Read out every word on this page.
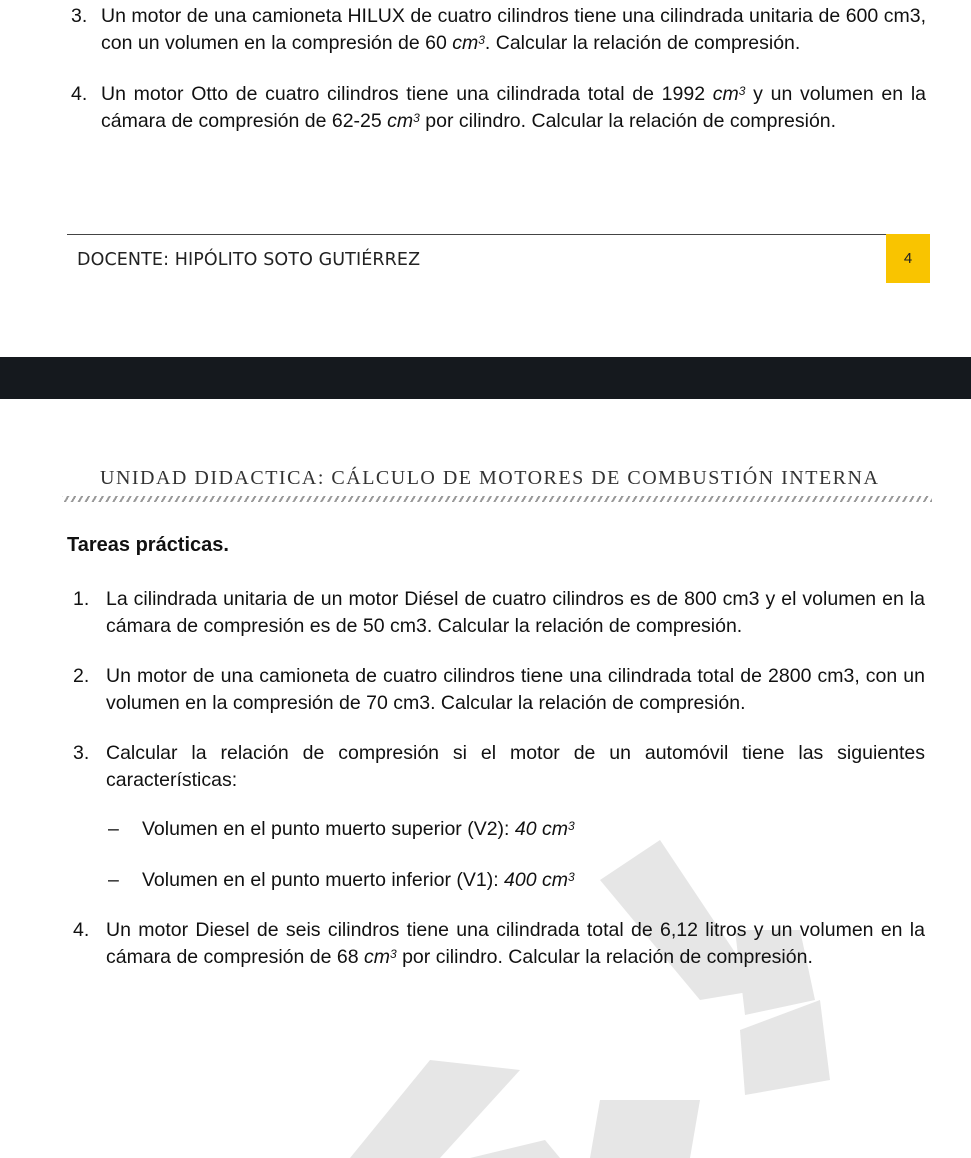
3. Un motor de una camioneta HILUX de cuatro cilindros tiene una cilindrada unitaria de 600 cm3, con un volumen en la compresión de 60 $cm^3$. Calcular la relación de compresión.
4. Un motor Otto de cuatro cilindros tiene una cilindrada total de 1992 $cm^3$ y un volumen en la cámara de compresión de 62-25 $cm^3$ por cilindro. Calcular la relación de compresión.
DOCENTE: HIPÓLITO SOTO GUTIÉRREZ	4
UNIDAD DIDACTICA: CÁLCULO DE MOTORES DE COMBUSTIÓN INTERNA
Tareas prácticas.
1. La cilindrada unitaria de un motor Diésel de cuatro cilindros es de 800 cm3 y el volumen en la cámara de compresión es de 50 cm3. Calcular la relación de compresión.
2. Un motor de una camioneta de cuatro cilindros tiene una cilindrada total de 2800 cm3, con un volumen en la compresión de 70 cm3. Calcular la relación de compresión.
3. Calcular la relación de compresión si el motor de un automóvil tiene las siguientes características:
– Volumen en el punto muerto superior (V2): 40 $cm^3$
– Volumen en el punto muerto inferior (V1): 400 $cm^3$
4. Un motor Diesel de seis cilindros tiene una cilindrada total de 6,12 litros y un volumen en la cámara de compresión de 68 $cm^3$ por cilindro. Calcular la relación de compresión.
